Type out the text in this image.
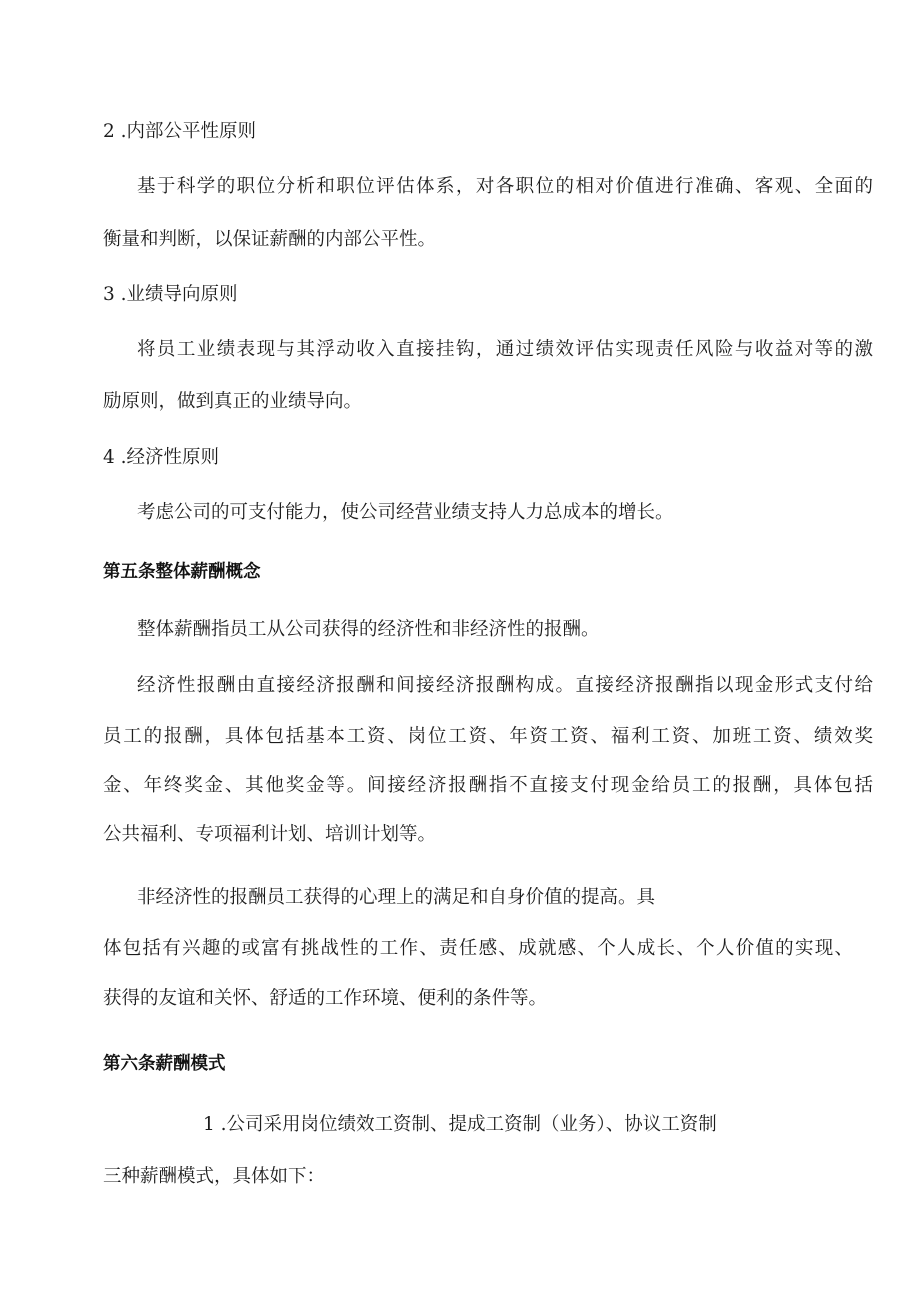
2 .内部公平性原则

基于科学的职位分析和职位评估体系，对各职位的相对价值进行准确、客观、全面的

衡量和判断，以保证薪酬的内部公平性。

3 .业绩导向原则

将员工业绩表现与其浮动收入直接挂钩，通过绩效评估实现责任风险与收益对等的激

励原则，做到真正的业绩导向。

4 .经济性原则

考虑公司的可支付能力，使公司经营业绩支持人力总成本的增长。

第五条整体薪酬概念

整体薪酬指员工从公司获得的经济性和非经济性的报酬。

经济性报酬由直接经济报酬和间接经济报酬构成。直接经济报酬指以现金形式支付给

员工的报酬，具体包括基本工资、岗位工资、年资工资、福利工资、加班工资、绩效奖

金、年终奖金、其他奖金等。间接经济报酬指不直接支付现金给员工的报酬，具体包括

公共福利、专项福利计划、培训计划等。

非经济性的报酬员工获得的心理上的满足和自身价值的提高。具

体包括有兴趣的或富有挑战性的工作、责任感、成就感、个人成长、个人价值的实现、

获得的友谊和关怀、舒适的工作环境、便利的条件等。

第六条薪酬模式

1 .公司采用岗位绩效工资制、提成工资制（业务）、协议工资制

三种薪酬模式，具体如下：
